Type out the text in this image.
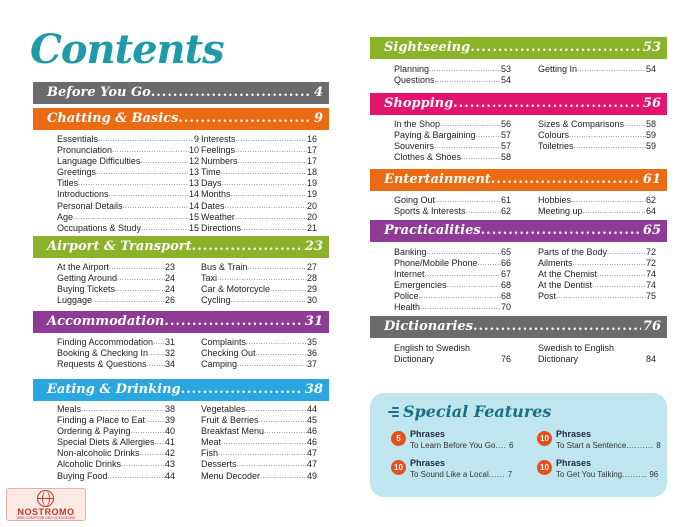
Contents
Before You Go .....	4
Chatting & Basics .....	9
Essentials .....	9
Pronunciation .....	10
Language Difficulties .....	12
Greetings .....	13
Titles .....	13
Introductions .....	14
Personal Details .....	14
Age .....	15
Occupations & Study .....	15
Interests .....	16
Feelings .....	17
Numbers .....	17
Time .....	18
Days .....	19
Months .....	19
Dates .....	20
Weather .....	20
Directions .....	21
Airport & Transport .....	23
At the Airport .....	23
Getting Around .....	24
Buying Tickets .....	24
Luggage .....	26
Bus & Train .....	27
Taxi .....	28
Car & Motorcycle .....	29
Cycling .....	30
Accommodation .....	31
Finding Accommodation ..... 31
Booking & Checking In ..... 32
Requests & Questions ..... 34
Complaints .....	35
Checking Out .....	36
Camping .....	37
Eating & Drinking .....	38
Meals .....	38
Finding a Place to Eat ..... 39
Ordering & Paying .....	40
Special Diets & Allergies ..... 41
Non-alcoholic Drinks .....	42
Alcoholic Drinks .....	43
Buying Food .....	44
Vegetables .....	44
Fruit & Berries .....	45
Breakfast Menu .....	46
Meat .....	46
Fish .....	47
Desserts .....	47
Menu Decoder .....	49
Sightseeing .....	53
Planning .....	53
Questions .....	54
Getting In .....	54
Shopping .....	56
In the Shop .....	56
Paying & Bargaining .....	57
Souvenirs .....	57
Clothes & Shoes .....	58
Sizes & Comparisons ..... 58
Colours .....	59
Toiletries .....	59
Entertainment .....	61
Going Out .....	61
Sports & Interests .....	62
Hobbies .....	62
Meeting up .....	64
Practicalities .....	65
Banking .....	65
Phone/Mobile Phone .....	66
Internet .....	67
Emergencies .....	68
Police .....	68
Health .....	70
Parts of the Body .....	72
Ailments .....	72
At the Chemist .....	74
At the Dentist .....	74
Post .....	75
Dictionaries .....	76
English to Swedish Dictionary	76
Swedish to English Dictionary	84
Special Features
5	Phrases
To Learn Before You Go.... 6
10 Phrases
To Sound Like a Local...... 7
10 Phrases
To Start a Sentence.......... 8
10 Phrases
To Get You Talking......... 96
NOSTROMO
WEB COMPTOIR DES VOYAGEURS
